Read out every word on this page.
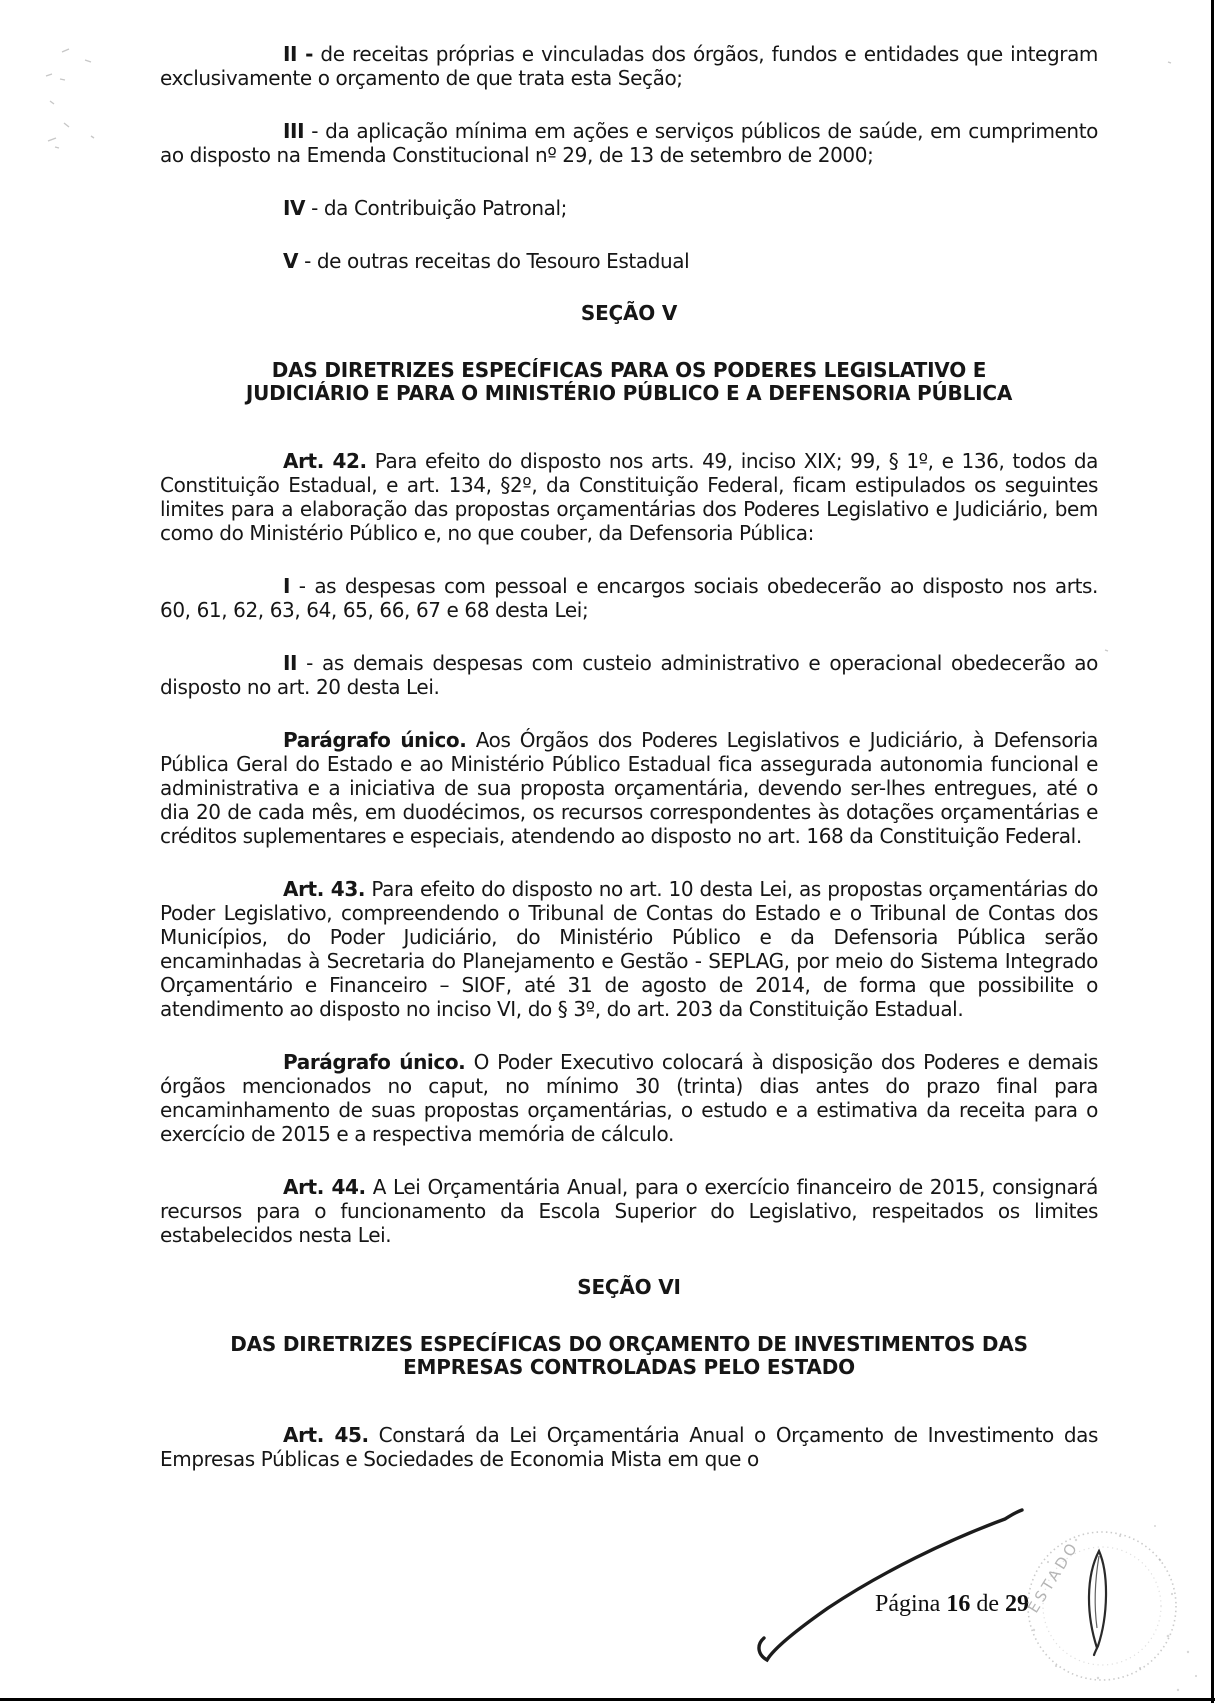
II - de receitas próprias e vinculadas dos órgãos, fundos e entidades que integram exclusivamente o orçamento de que trata esta Seção;

III - da aplicação mínima em ações e serviços públicos de saúde, em cumprimento ao disposto na Emenda Constitucional nº 29, de 13 de setembro de 2000;

IV - da Contribuição Patronal;

V - de outras receitas do Tesouro Estadual

SEÇÃO V

DAS DIRETRIZES ESPECÍFICAS PARA OS PODERES LEGISLATIVO E
JUDICIÁRIO E PARA O MINISTÉRIO PÚBLICO E A DEFENSORIA PÚBLICA

Art. 42. Para efeito do disposto nos arts. 49, inciso XIX; 99, § 1º, e 136, todos da Constituição Estadual, e art. 134, §2º, da Constituição Federal, ficam estipulados os seguintes limites para a elaboração das propostas orçamentárias dos Poderes Legislativo e Judiciário, bem como do Ministério Público e, no que couber, da Defensoria Pública:

I - as despesas com pessoal e encargos sociais obedecerão ao disposto nos arts. 60, 61, 62, 63, 64, 65, 66, 67 e 68 desta Lei;

II - as demais despesas com custeio administrativo e operacional obedecerão ao disposto no art. 20 desta Lei.

Parágrafo único. Aos Órgãos dos Poderes Legislativos e Judiciário, à Defensoria Pública Geral do Estado e ao Ministério Público Estadual fica assegurada autonomia funcional e administrativa e a iniciativa de sua proposta orçamentária, devendo ser-lhes entregues, até o dia 20 de cada mês, em duodécimos, os recursos correspondentes às dotações orçamentárias e créditos suplementares e especiais, atendendo ao disposto no art. 168 da Constituição Federal.

Art. 43. Para efeito do disposto no art. 10 desta Lei, as propostas orçamentárias do Poder Legislativo, compreendendo o Tribunal de Contas do Estado e o Tribunal de Contas dos Municípios, do Poder Judiciário, do Ministério Público e da Defensoria Pública serão encaminhadas à Secretaria do Planejamento e Gestão - SEPLAG, por meio do Sistema Integrado Orçamentário e Financeiro – SIOF, até 31 de agosto de 2014, de forma que possibilite o atendimento ao disposto no inciso VI, do § 3º, do art. 203 da Constituição Estadual.

Parágrafo único. O Poder Executivo colocará à disposição dos Poderes e demais órgãos mencionados no caput, no mínimo 30 (trinta) dias antes do prazo final para encaminhamento de suas propostas orçamentárias, o estudo e a estimativa da receita para o exercício de 2015 e a respectiva memória de cálculo.

Art. 44. A Lei Orçamentária Anual, para o exercício financeiro de 2015, consignará recursos para o funcionamento da Escola Superior do Legislativo, respeitados os limites estabelecidos nesta Lei.

SEÇÃO VI

DAS DIRETRIZES ESPECÍFICAS DO ORÇAMENTO DE INVESTIMENTOS DAS
EMPRESAS CONTROLADAS PELO ESTADO

Art. 45. Constará da Lei Orçamentária Anual o Orçamento de Investimento das Empresas Públicas e Sociedades de Economia Mista em que o

Página 16 de 29
ESTADO
